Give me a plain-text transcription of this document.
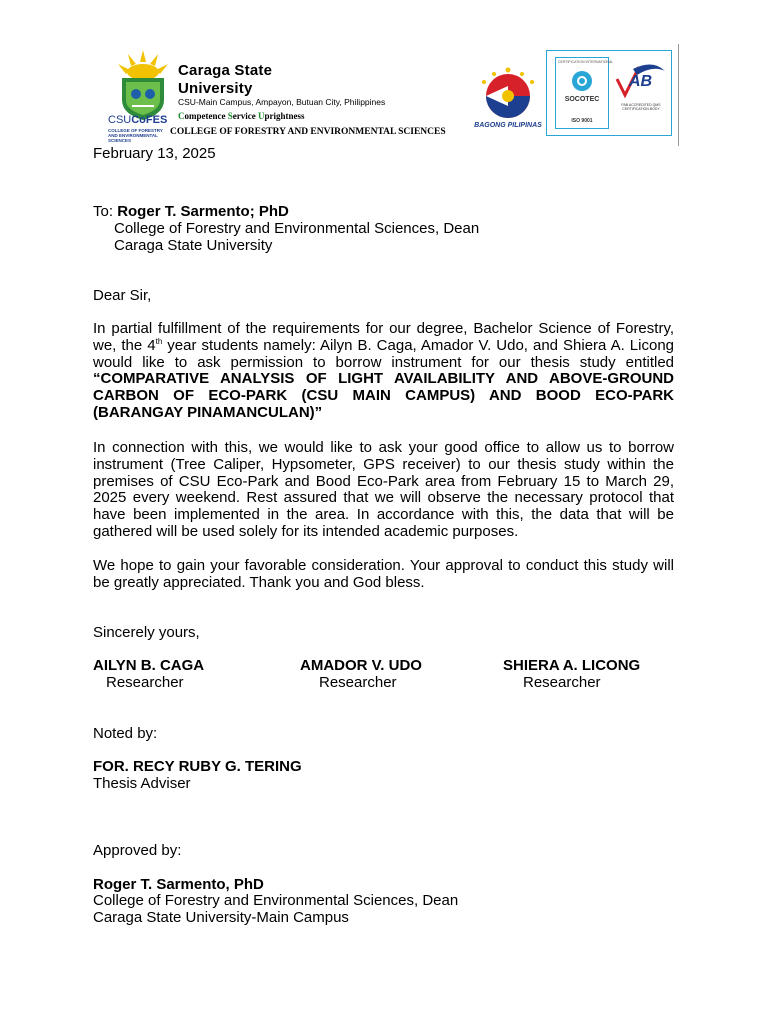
CSUCoFES
COLLEGE OF FORESTRY AND ENVIRONMENTAL SCIENCES
Caraga State
University
CSU-Main Campus, Ampayon, Butuan City, Philippines
Competence Service Uprightness
COLLEGE OF FORESTRY AND ENVIRONMENTAL SCIENCES
BAGONG PILIPINAS
CERTIFICATION INTERNATIONAL
SOCOTEC
ISO 9001
AB
PAB ACCREDITED QMS CERTIFICATION BODY
February 13, 2025
To: Roger T. Sarmento; PhD
College of Forestry and Environmental Sciences, Dean
Caraga State University
Dear Sir,
In partial fulfillment of the requirements for our degree, Bachelor Science of Forestry, we, the 4th year students namely: Ailyn B. Caga, Amador V. Udo, and Shiera A. Licong would like to ask permission to borrow instrument for our thesis study entitled “COMPARATIVE ANALYSIS OF LIGHT AVAILABILITY AND ABOVE-GROUND CARBON OF ECO-PARK (CSU MAIN CAMPUS) AND BOOD ECO-PARK (BARANGAY PINAMANCULAN)”
In connection with this, we would like to ask your good office to allow us to borrow instrument (Tree Caliper, Hypsometer, GPS receiver) to our thesis study within the premises of CSU Eco-Park and Bood Eco-Park area from February 15 to March 29, 2025 every weekend. Rest assured that we will observe the necessary protocol that have been implemented in the area. In accordance with this, the data that will be gathered will be used solely for its intended academic purposes.
We hope to gain your favorable consideration. Your approval to conduct this study will be greatly appreciated. Thank you and God bless.
Sincerely yours,
AILYN B. CAGA
Researcher
AMADOR V. UDO
Researcher
SHIERA A. LICONG
Researcher
Noted by:
FOR. RECY RUBY G. TERING
Thesis Adviser
Approved by:
Roger T. Sarmento, PhD
College of Forestry and Environmental Sciences, Dean
Caraga State University-Main Campus
